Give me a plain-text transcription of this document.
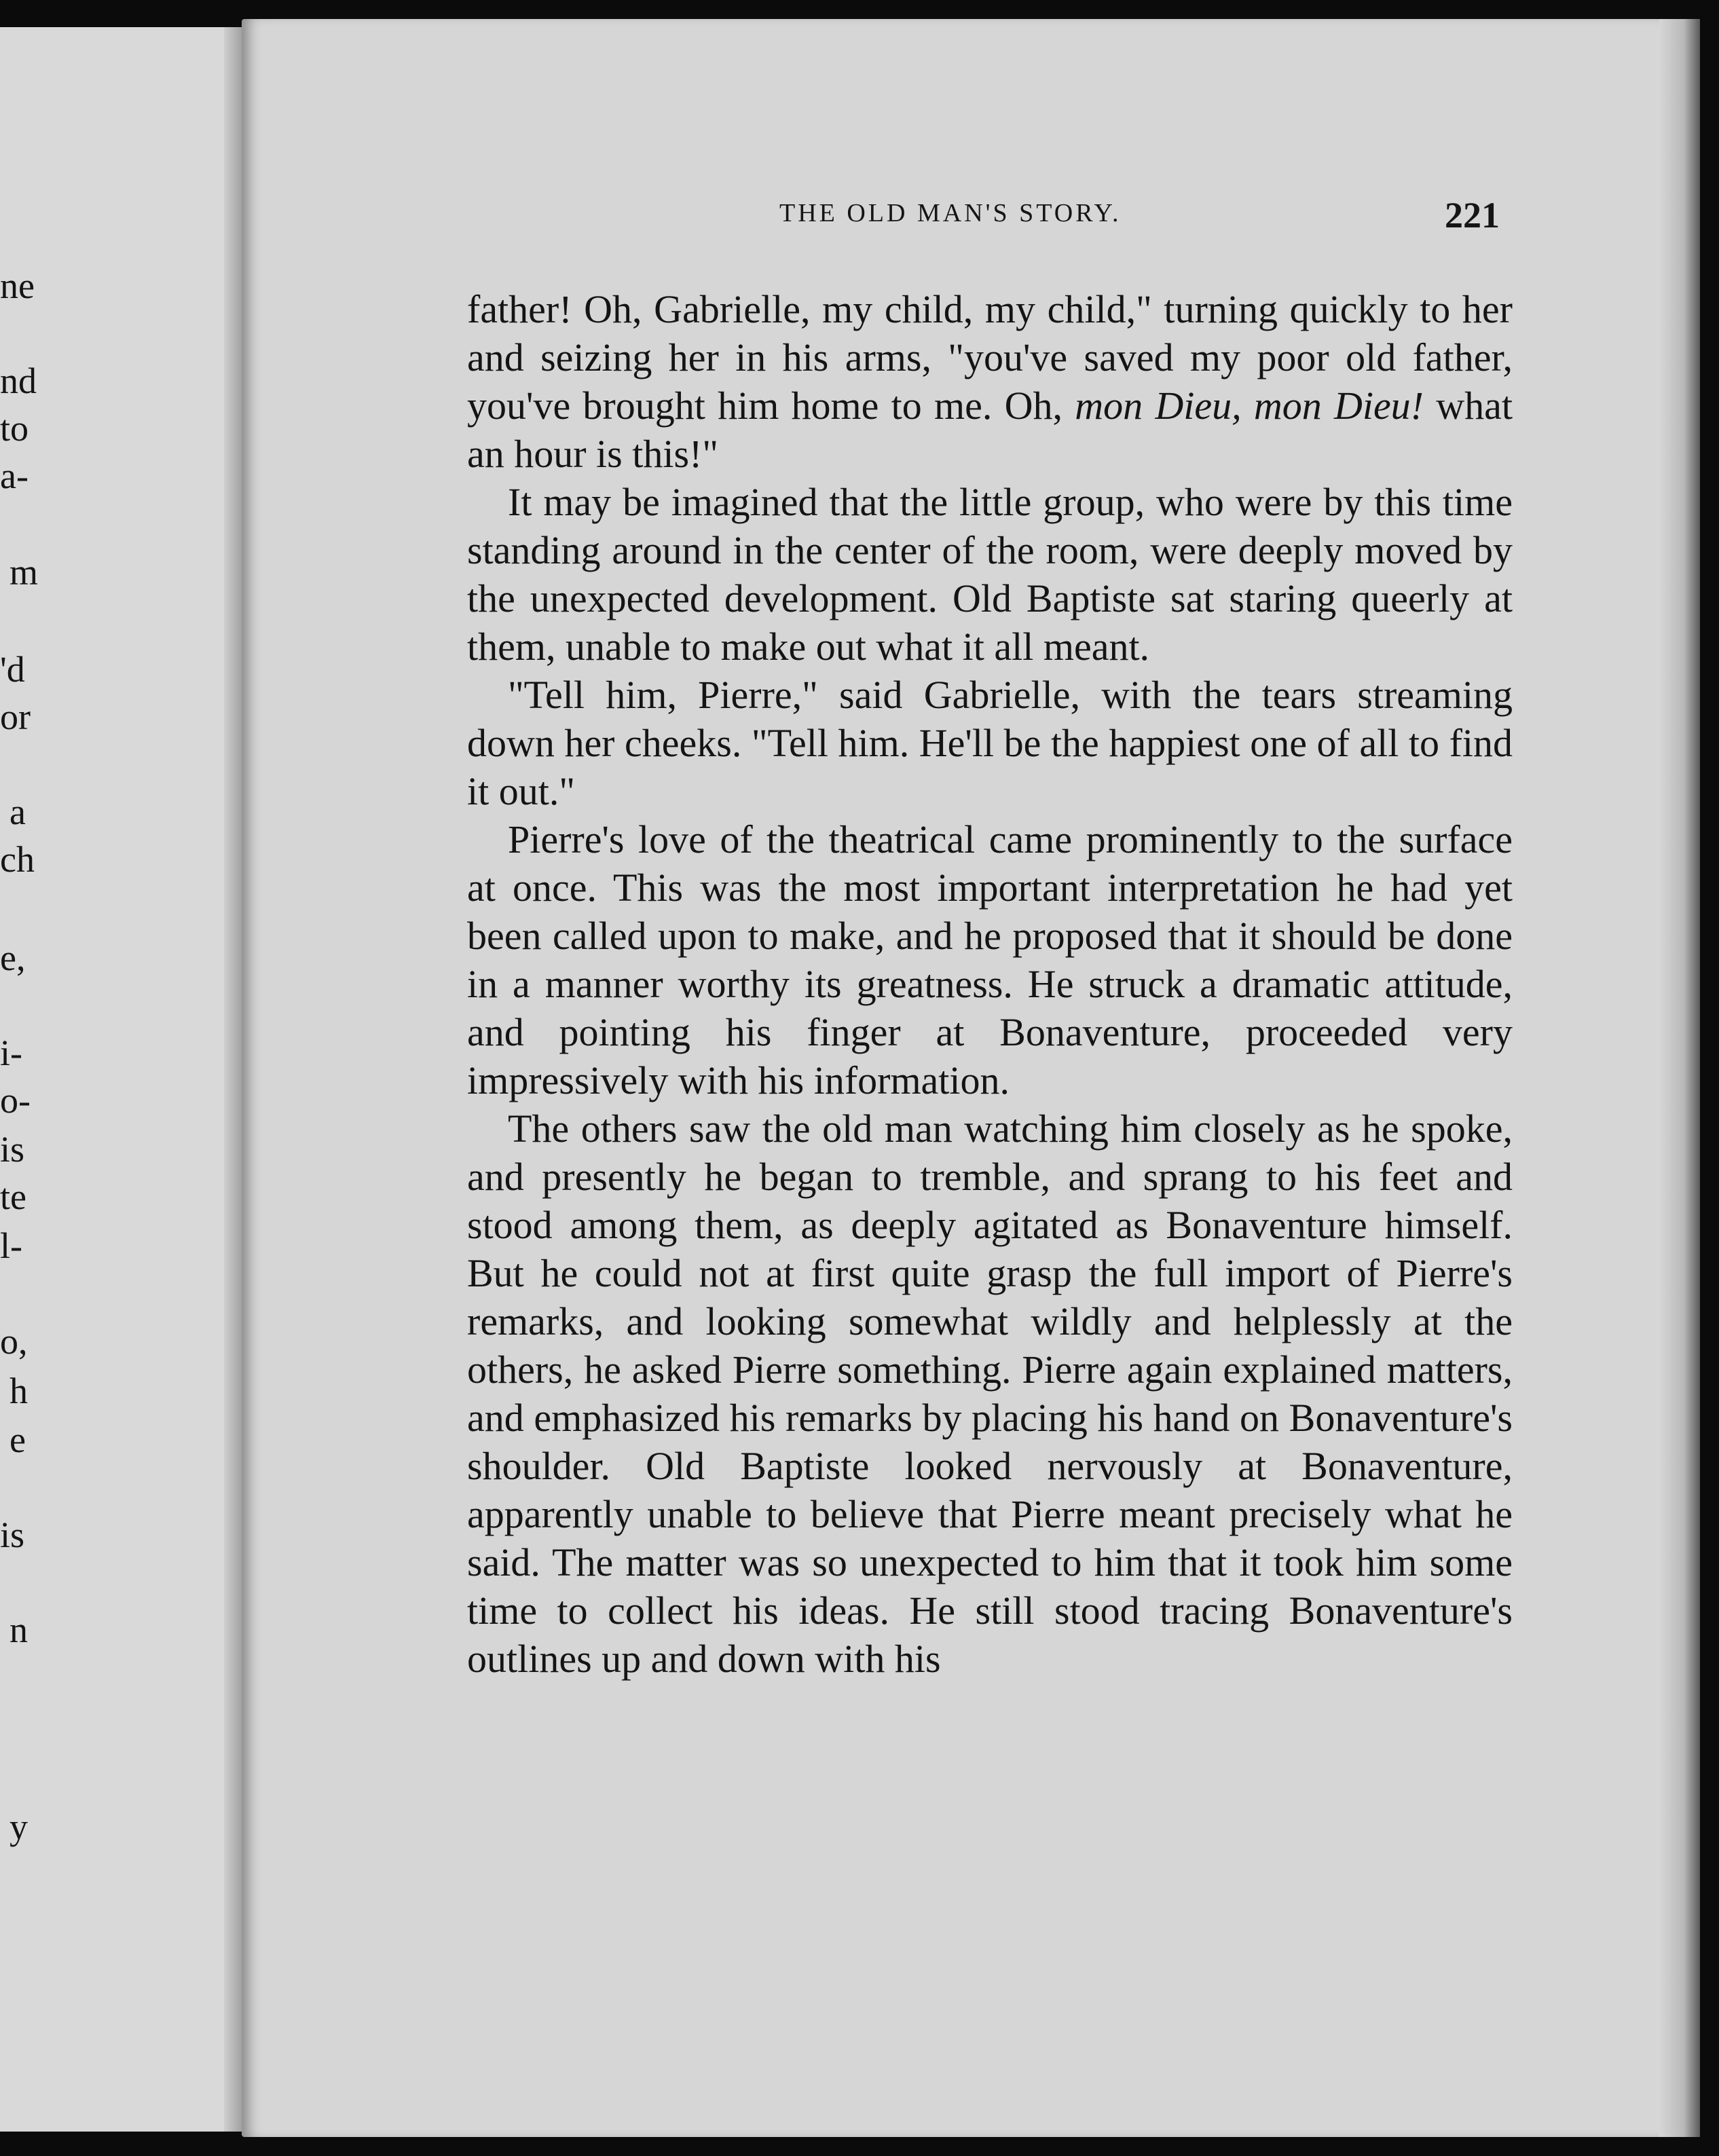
ne
nd
to
a-
m
'd
or
a
ch
e,
i-
o-
is
te
l-
o,
h
e
is
n
y
THE OLD MAN'S STORY.	221

father! Oh, Gabrielle, my child, my child," turning quickly to her and seizing her in his arms, "you've saved my poor old father, you've brought him home to me. Oh, mon Dieu, mon Dieu! what an hour is this!"

It may be imagined that the little group, who were by this time standing around in the center of the room, were deeply moved by the unexpected development. Old Baptiste sat staring queerly at them, unable to make out what it all meant.

"Tell him, Pierre," said Gabrielle, with the tears streaming down her cheeks. "Tell him. He'll be the happiest one of all to find it out."

Pierre's love of the theatrical came prominently to the surface at once. This was the most important interpretation he had yet been called upon to make, and he proposed that it should be done in a manner worthy its greatness. He struck a dramatic attitude, and pointing his finger at Bonaventure, proceeded very impressively with his information.

The others saw the old man watching him closely as he spoke, and presently he began to tremble, and sprang to his feet and stood among them, as deeply agitated as Bonaventure himself. But he could not at first quite grasp the full import of Pierre's remarks, and looking somewhat wildly and helplessly at the others, he asked Pierre something. Pierre again explained matters, and emphasized his remarks by placing his hand on Bonaventure's shoulder. Old Baptiste looked nervously at Bonaventure, apparently unable to believe that Pierre meant precisely what he said. The matter was so unexpected to him that it took him some time to collect his ideas. He still stood tracing Bonaventure's outlines up and down with his
